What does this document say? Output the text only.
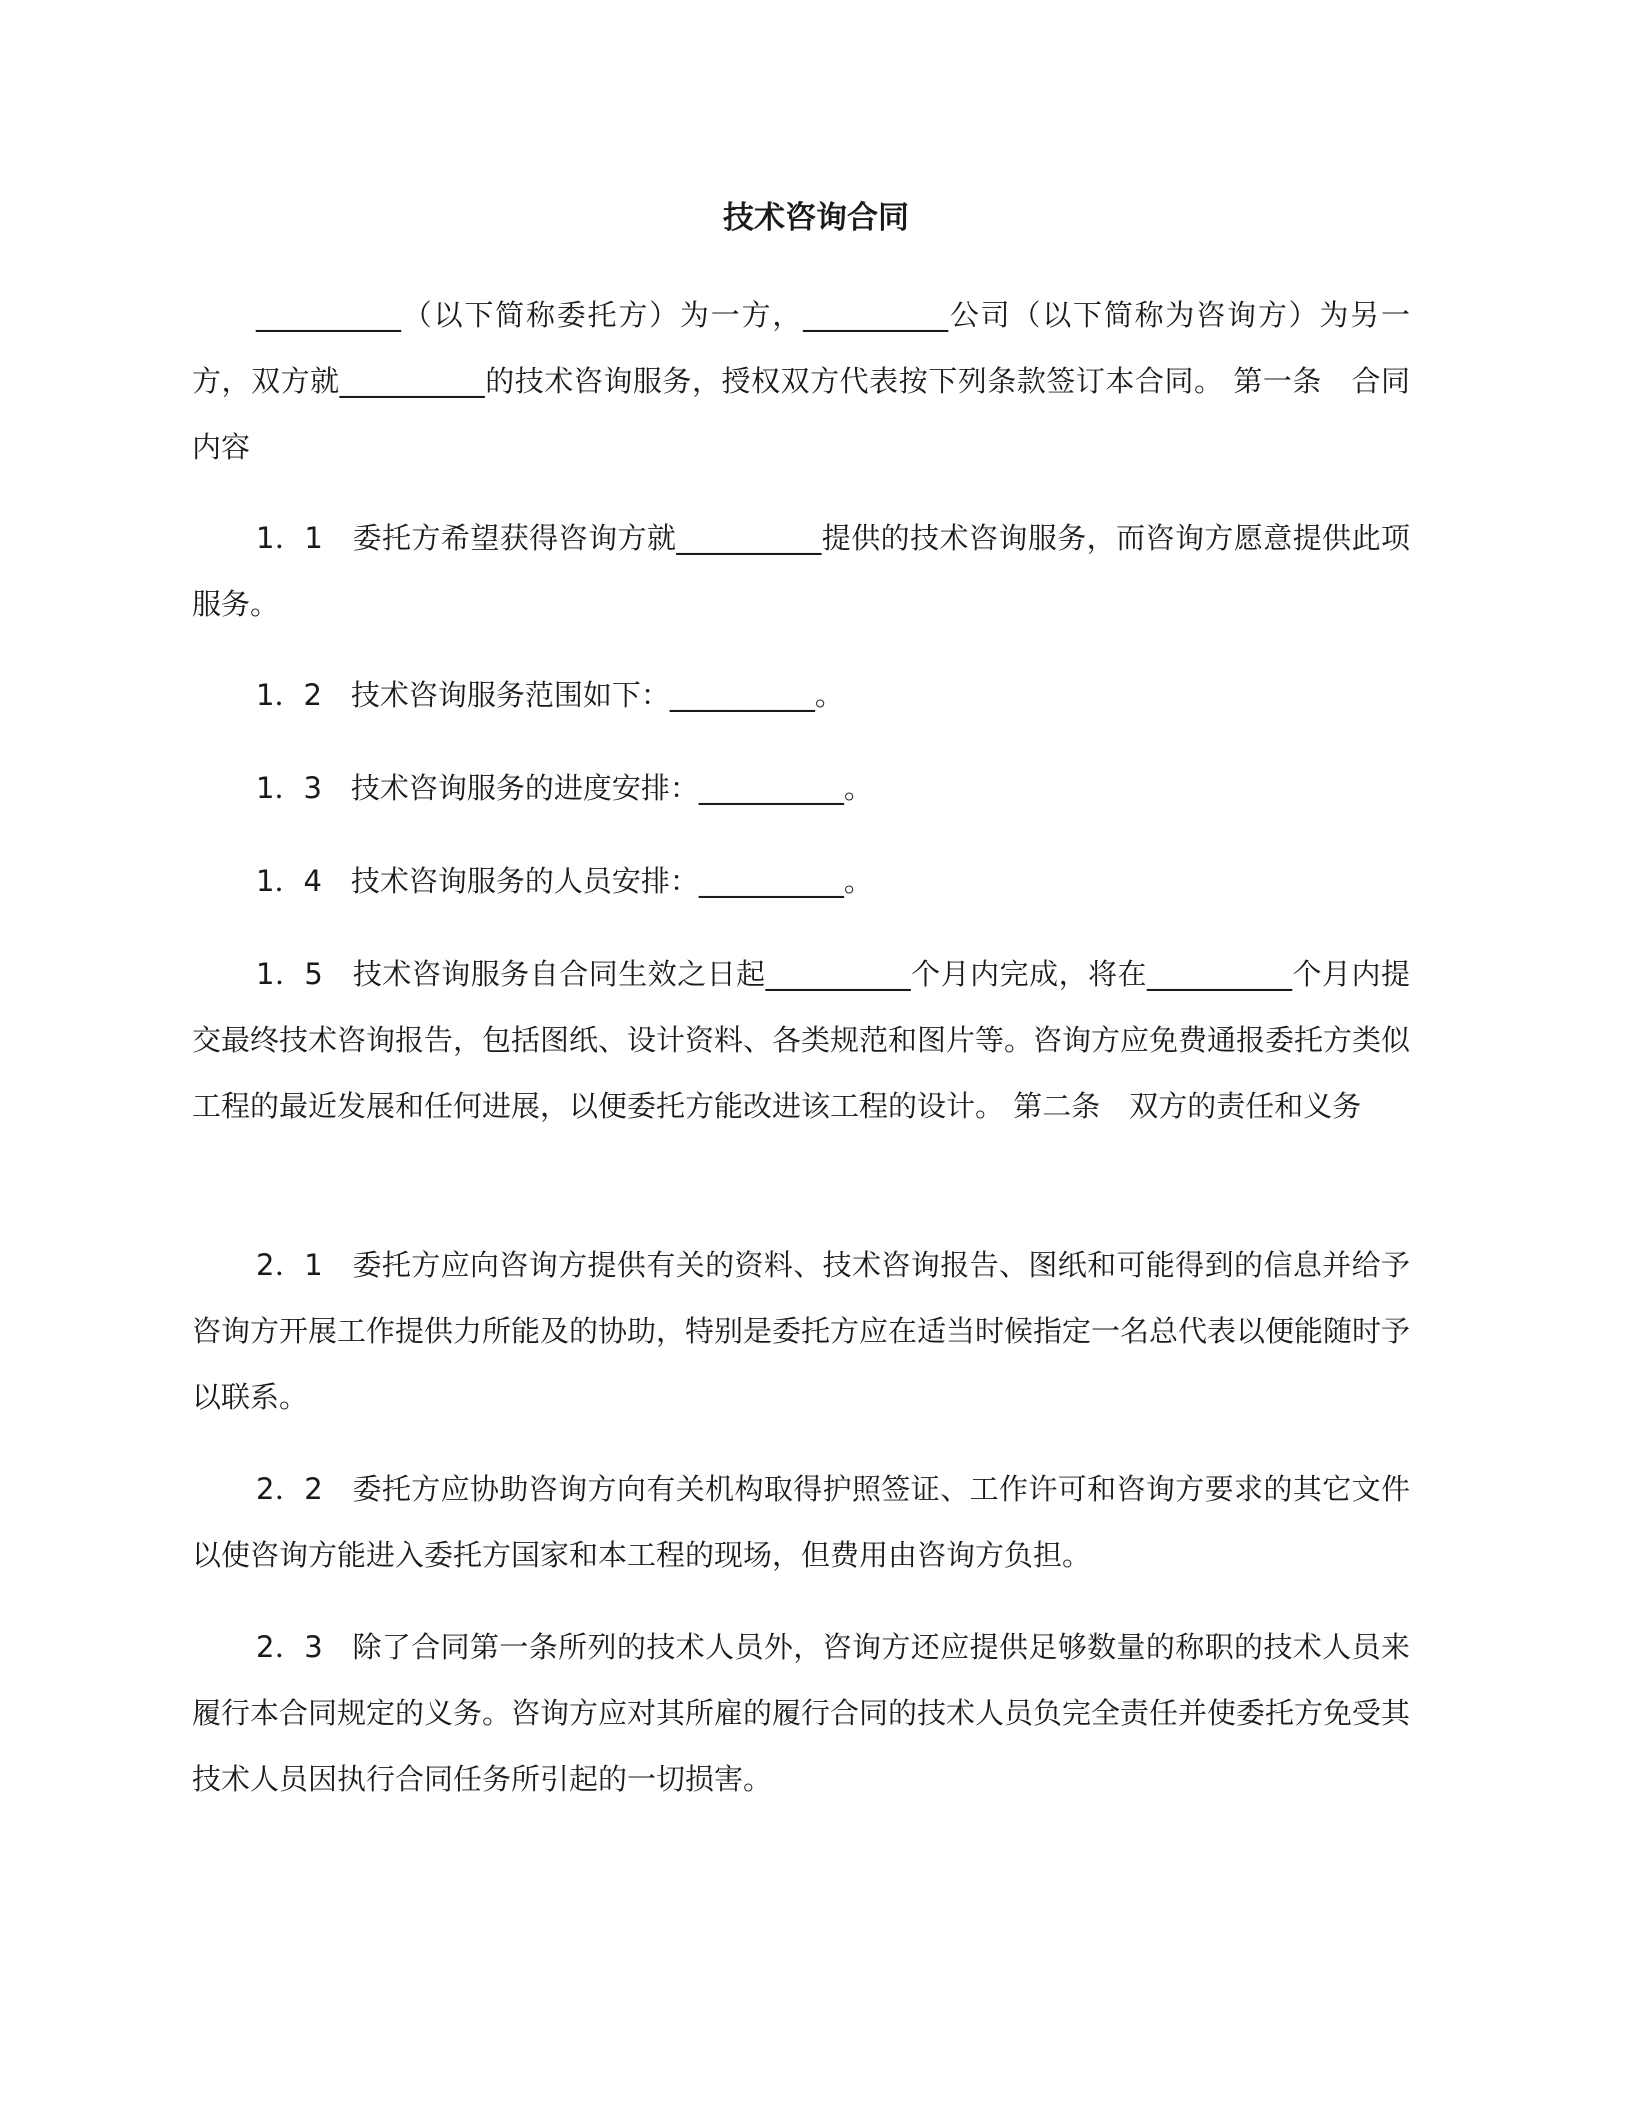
技术咨询合同

__________（以下简称委托方）为一方，__________公司（以下简称为咨询方）为另一方，双方就__________的技术咨询服务，授权双方代表按下列条款签订本合同。 第一条　合同内容

1．1　委托方希望获得咨询方就__________提供的技术咨询服务，而咨询方愿意提供此项服务。

1．2　技术咨询服务范围如下：__________。

1．3　技术咨询服务的进度安排：__________。

1．4　技术咨询服务的人员安排：__________。

1．5　技术咨询服务自合同生效之日起__________个月内完成，将在__________个月内提交最终技术咨询报告，包括图纸、设计资料、各类规范和图片等。咨询方应免费通报委托方类似工程的最近发展和任何进展，以便委托方能改进该工程的设计。 第二条　双方的责任和义务

2．1　委托方应向咨询方提供有关的资料、技术咨询报告、图纸和可能得到的信息并给予咨询方开展工作提供力所能及的协助，特别是委托方应在适当时候指定一名总代表以便能随时予以联系。

2．2　委托方应协助咨询方向有关机构取得护照签证、工作许可和咨询方要求的其它文件以使咨询方能进入委托方国家和本工程的现场，但费用由咨询方负担。

2．3　除了合同第一条所列的技术人员外，咨询方还应提供足够数量的称职的技术人员来履行本合同规定的义务。咨询方应对其所雇的履行合同的技术人员负完全责任并使委托方免受其技术人员因执行合同任务所引起的一切损害。
